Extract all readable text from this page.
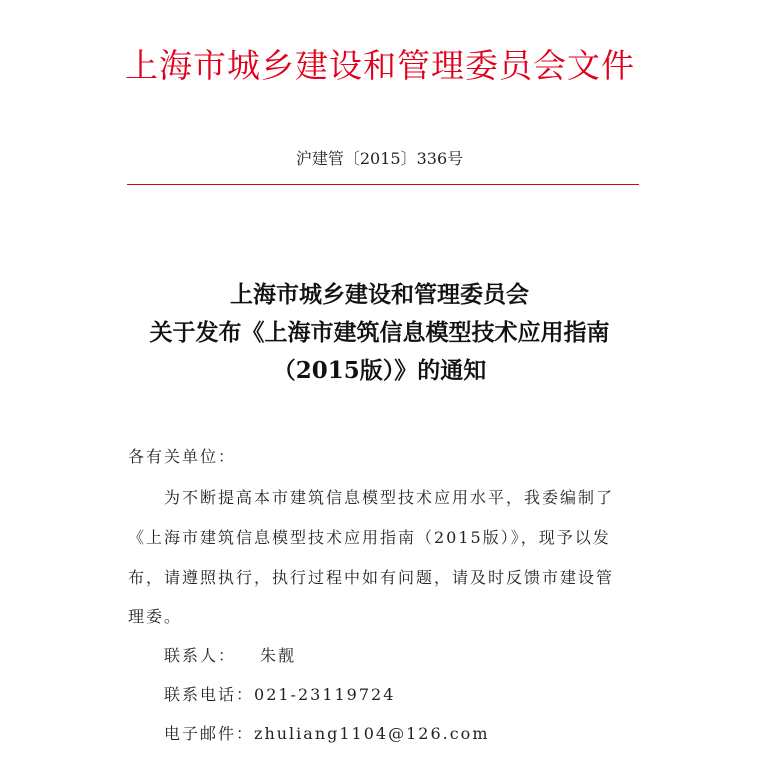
上海市城乡建设和管理委员会文件
沪建管〔2015〕336号
上海市城乡建设和管理委员会
关于发布《上海市建筑信息模型技术应用指南
（2015版）》的通知
各有关单位：
　　为不断提高本市建筑信息模型技术应用水平，我委编制了
《上海市建筑信息模型技术应用指南（2015版）》，现予以发
布，请遵照执行，执行过程中如有问题，请及时反馈市建设管
理委。
联系人： 朱靓
联系电话：021-23119724
电子邮件：zhuliang1104@126.com
